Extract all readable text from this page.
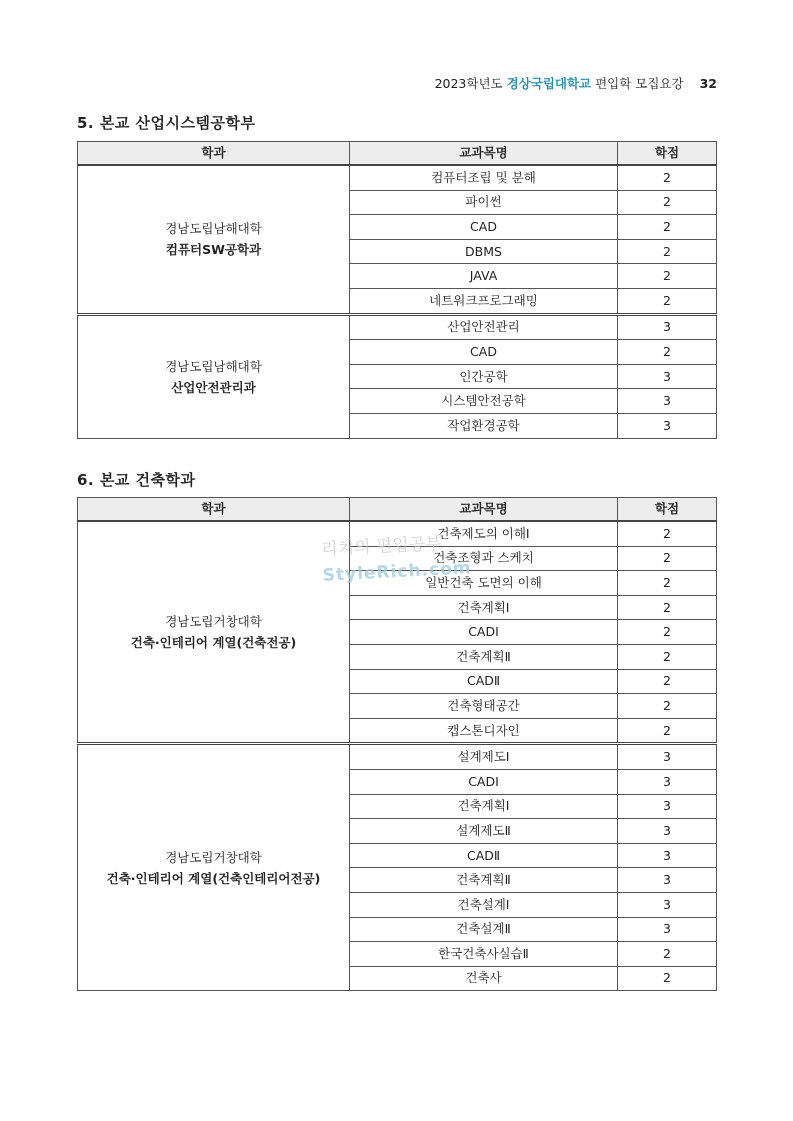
2023학년도 경상국립대학교 편입학 모집요강 32
5. 본교 산업시스템공학부
학과	교과목명	학점

경남도립남해대학
컴퓨터SW공학과	컴퓨터조립 및 분해	2
	파이썬	2
	CAD	2
	DBMS	2
	JAVA	2
	네트워크프로그래밍	2

경남도립남해대학
산업안전관리과	산업안전관리	3
	CAD	2
	인간공학	3
	시스템안전공학	3
	작업환경공학	3
6. 본교 건축학과
학과	교과목명	학점

경남도립거창대학
건축·인테리어 계열(건축전공)	건축제도의 이해Ⅰ	2
	건축조형과 스케치	2
	일반건축 도면의 이해	2
	건축계획Ⅰ	2
	CADⅠ	2
	건축계획Ⅱ	2
	CADⅡ	2
	건축형태공간	2
	캡스톤디자인	2

경남도립거창대학
건축·인테리어 계열(건축인테리어전공)	설계제도Ⅰ	3
	CADⅠ	3
	건축계획Ⅰ	3
	설계제도Ⅱ	3
	CADⅡ	3
	건축계획Ⅱ	3
	건축설계Ⅰ	3
	건축설계Ⅱ	3
	한국건축사실습Ⅱ	2
	건축사	2
리치의 편입공부
StyleRich.com
